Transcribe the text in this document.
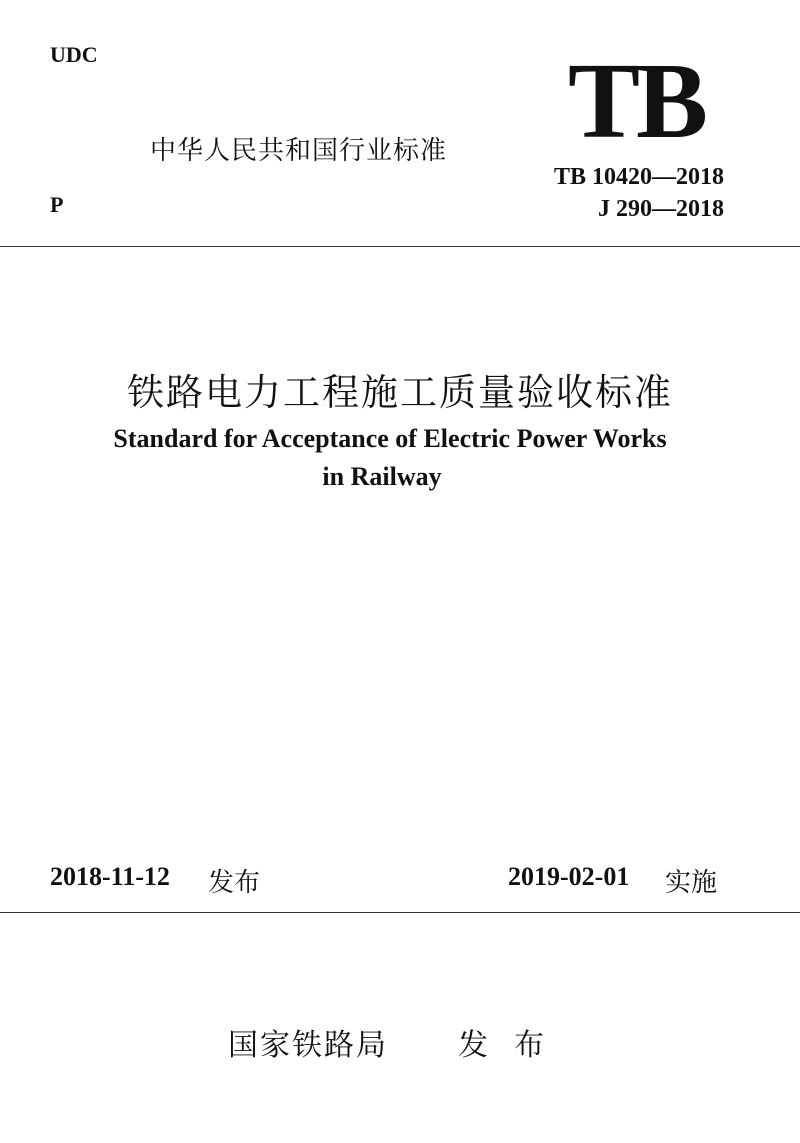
UDC
中华人民共和国行业标准 TB
TB 10420—2018
P	J 290—2018
铁路电力工程施工质量验收标准
Standard for Acceptance of Electric Power Works
in Railway
2018-11-12 发布	2019-02-01 实施
国家铁路局 发布
